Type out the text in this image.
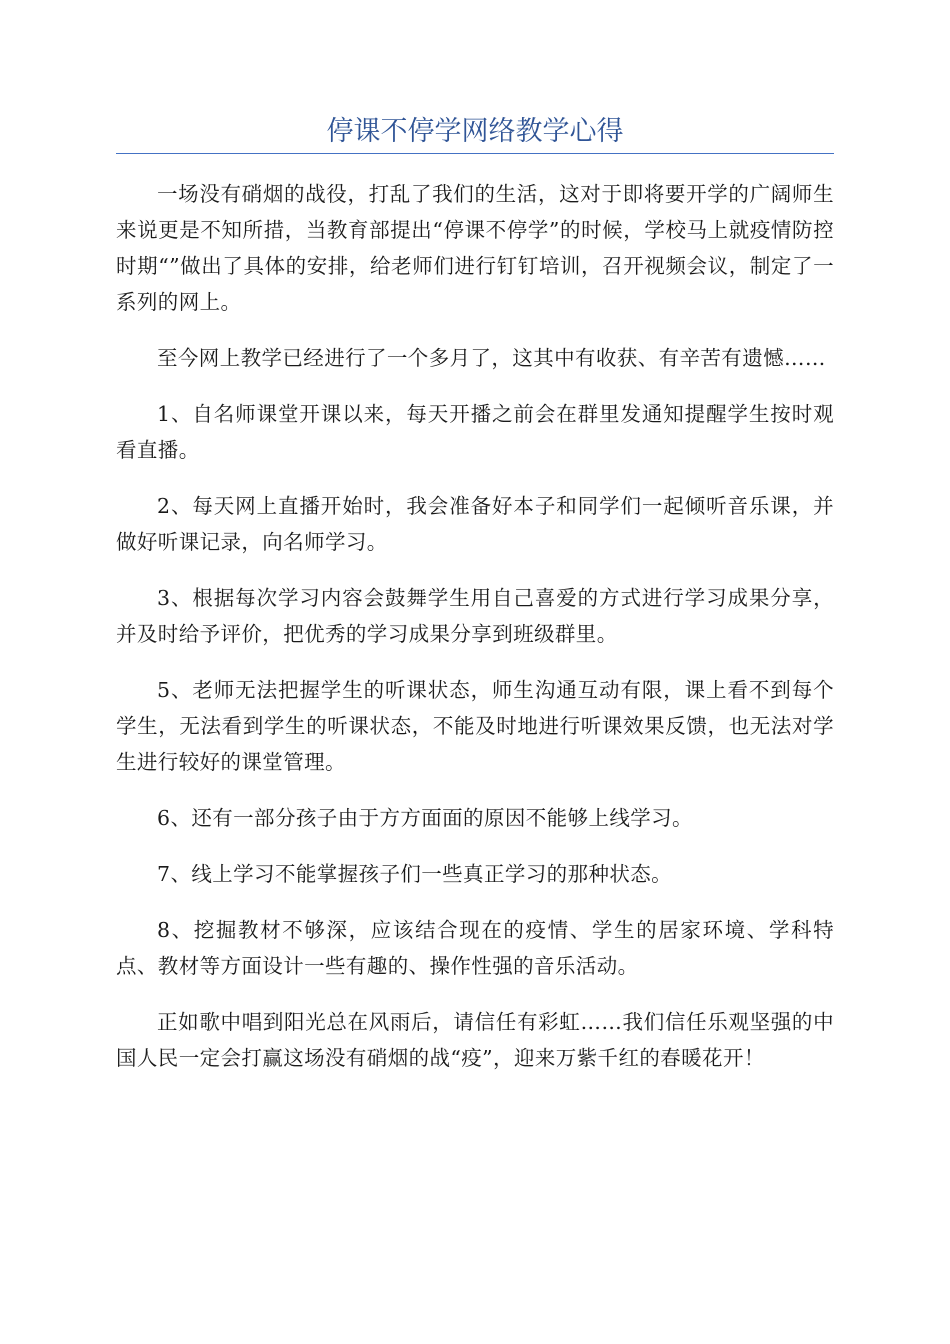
停课不停学网络教学心得

一场没有硝烟的战役，打乱了我们的生活，这对于即将要开学的广阔师生来说更是不知所措，当教育部提出“停课不停学”的时候，学校马上就疫情防控时期“”做出了具体的安排，给老师们进行钉钉培训，召开视频会议，制定了一系列的网上。

至今网上教学已经进行了一个多月了，这其中有收获、有辛苦有遗憾……

1、自名师课堂开课以来，每天开播之前会在群里发通知提醒学生按时观看直播。

2、每天网上直播开始时，我会准备好本子和同学们一起倾听音乐课，并做好听课记录，向名师学习。

3、根据每次学习内容会鼓舞学生用自己喜爱的方式进行学习成果分享，并及时给予评价，把优秀的学习成果分享到班级群里。

5、老师无法把握学生的听课状态，师生沟通互动有限，课上看不到每个学生，无法看到学生的听课状态，不能及时地进行听课效果反馈，也无法对学生进行较好的课堂管理。

6、还有一部分孩子由于方方面面的原因不能够上线学习。

7、线上学习不能掌握孩子们一些真正学习的那种状态。

8、挖掘教材不够深，应该结合现在的疫情、学生的居家环境、学科特点、教材等方面设计一些有趣的、操作性强的音乐活动。

正如歌中唱到阳光总在风雨后，请信任有彩虹……我们信任乐观坚强的中国人民一定会打赢这场没有硝烟的战“疫”，迎来万紫千红的春暖花开！
